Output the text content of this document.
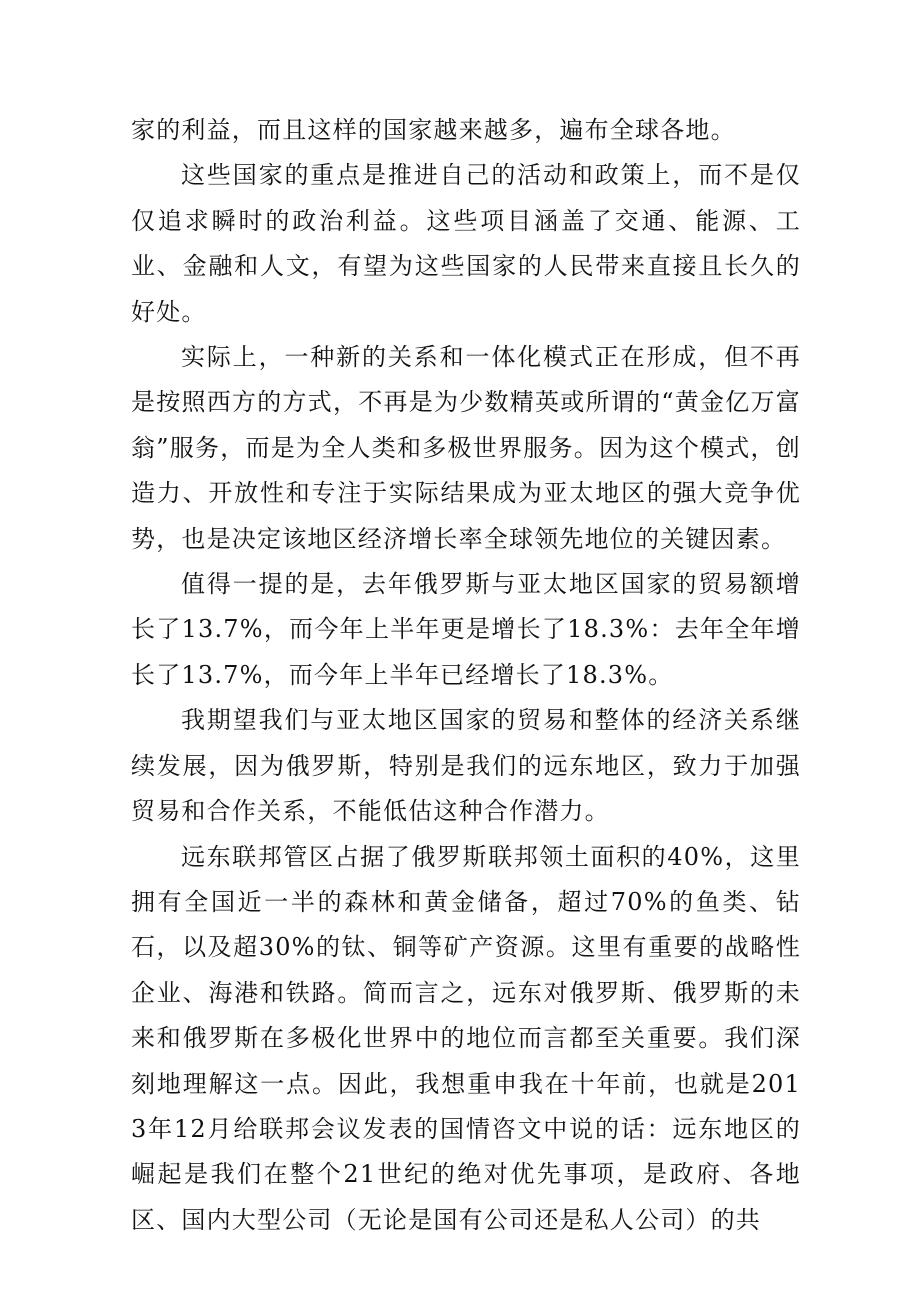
家的利益，而且这样的国家越来越多，遍布全球各地。

这些国家的重点是推进自己的活动和政策上，而不是仅仅追求瞬时的政治利益。这些项目涵盖了交通、能源、工业、金融和人文，有望为这些国家的人民带来直接且长久的好处。

实际上，一种新的关系和一体化模式正在形成，但不再是按照西方的方式，不再是为少数精英或所谓的“黄金亿万富翁”服务，而是为全人类和多极世界服务。因为这个模式，创造力、开放性和专注于实际结果成为亚太地区的强大竞争优势，也是决定该地区经济增长率全球领先地位的关键因素。

值得一提的是，去年俄罗斯与亚太地区国家的贸易额增长了13.7%，而今年上半年更是增长了18.3%：去年全年增长了13.7%，而今年上半年已经增长了18.3%。

我期望我们与亚太地区国家的贸易和整体的经济关系继续发展，因为俄罗斯，特别是我们的远东地区，致力于加强贸易和合作关系，不能低估这种合作潜力。

远东联邦管区占据了俄罗斯联邦领土面积的40%，这里拥有全国近一半的森林和黄金储备，超过70%的鱼类、钻石，以及超30%的钛、铜等矿产资源。这里有重要的战略性企业、海港和铁路。简而言之，远东对俄罗斯、俄罗斯的未来和俄罗斯在多极化世界中的地位而言都至关重要。我们深刻地理解这一点。因此，我想重申我在十年前，也就是2013年12月给联邦会议发表的国情咨文中说的话：远东地区的崛起是我们在整个21世纪的绝对优先事项，是政府、各地区、国内大型公司（无论是国有公司还是私人公司）的共
